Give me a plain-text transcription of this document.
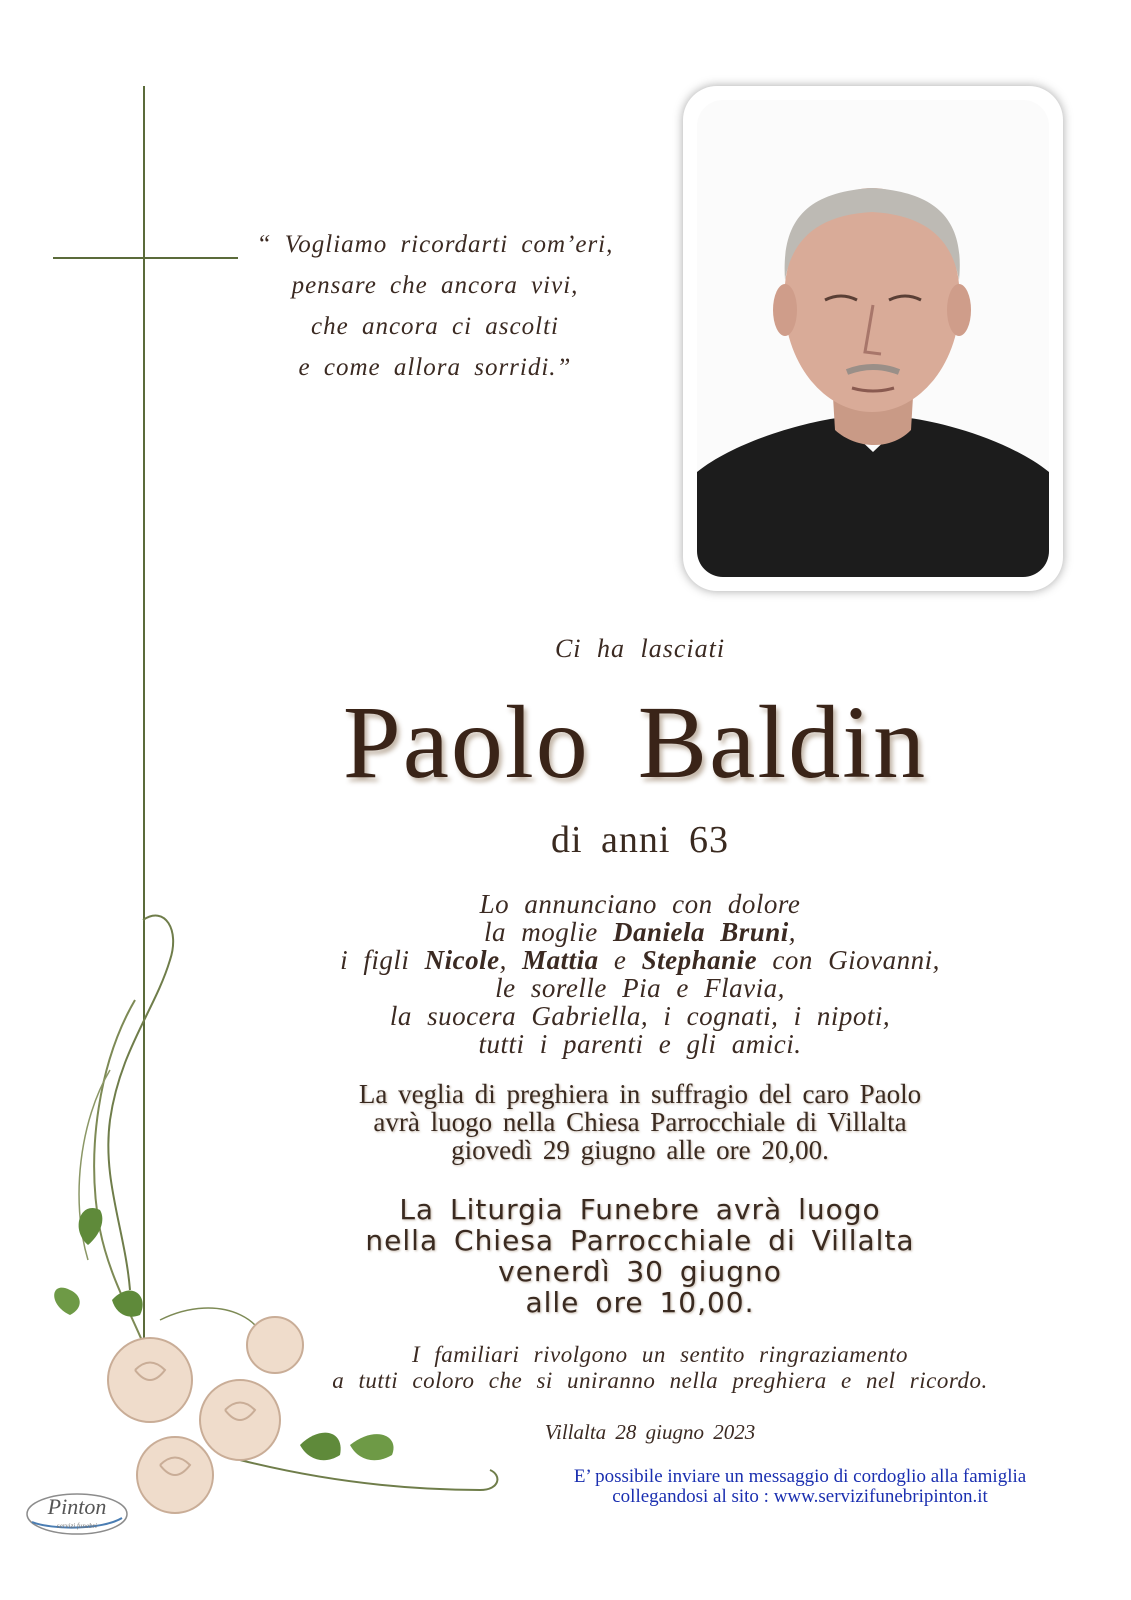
“ Vogliamo ricordarti com’eri,
pensare che ancora vivi,
che ancora ci ascolti
e come allora sorridi.”
Ci ha lasciati
Paolo Baldin
di anni 63
Lo annunciano con dolore
la moglie Daniela Bruni,
i figli Nicole, Mattia e Stephanie con Giovanni,
le sorelle Pia e Flavia,
la suocera Gabriella, i cognati, i nipoti,
tutti i parenti e gli amici.
La veglia di preghiera in suffragio del caro Paolo
avrà luogo nella Chiesa Parrocchiale di Villalta
giovedì 29 giugno alle ore 20,00.
La Liturgia Funebre avrà luogo
nella Chiesa Parrocchiale di Villalta
venerdì 30 giugno
alle ore 10,00.
I familiari rivolgono un sentito ringraziamento
a tutti coloro che si uniranno nella preghiera e nel ricordo.
Villalta 28 giugno 2023
E’ possibile inviare un messaggio di cordoglio alla famiglia
collegandosi al sito : www.servizifunebripinton.it
Pinton
servizi funebri
